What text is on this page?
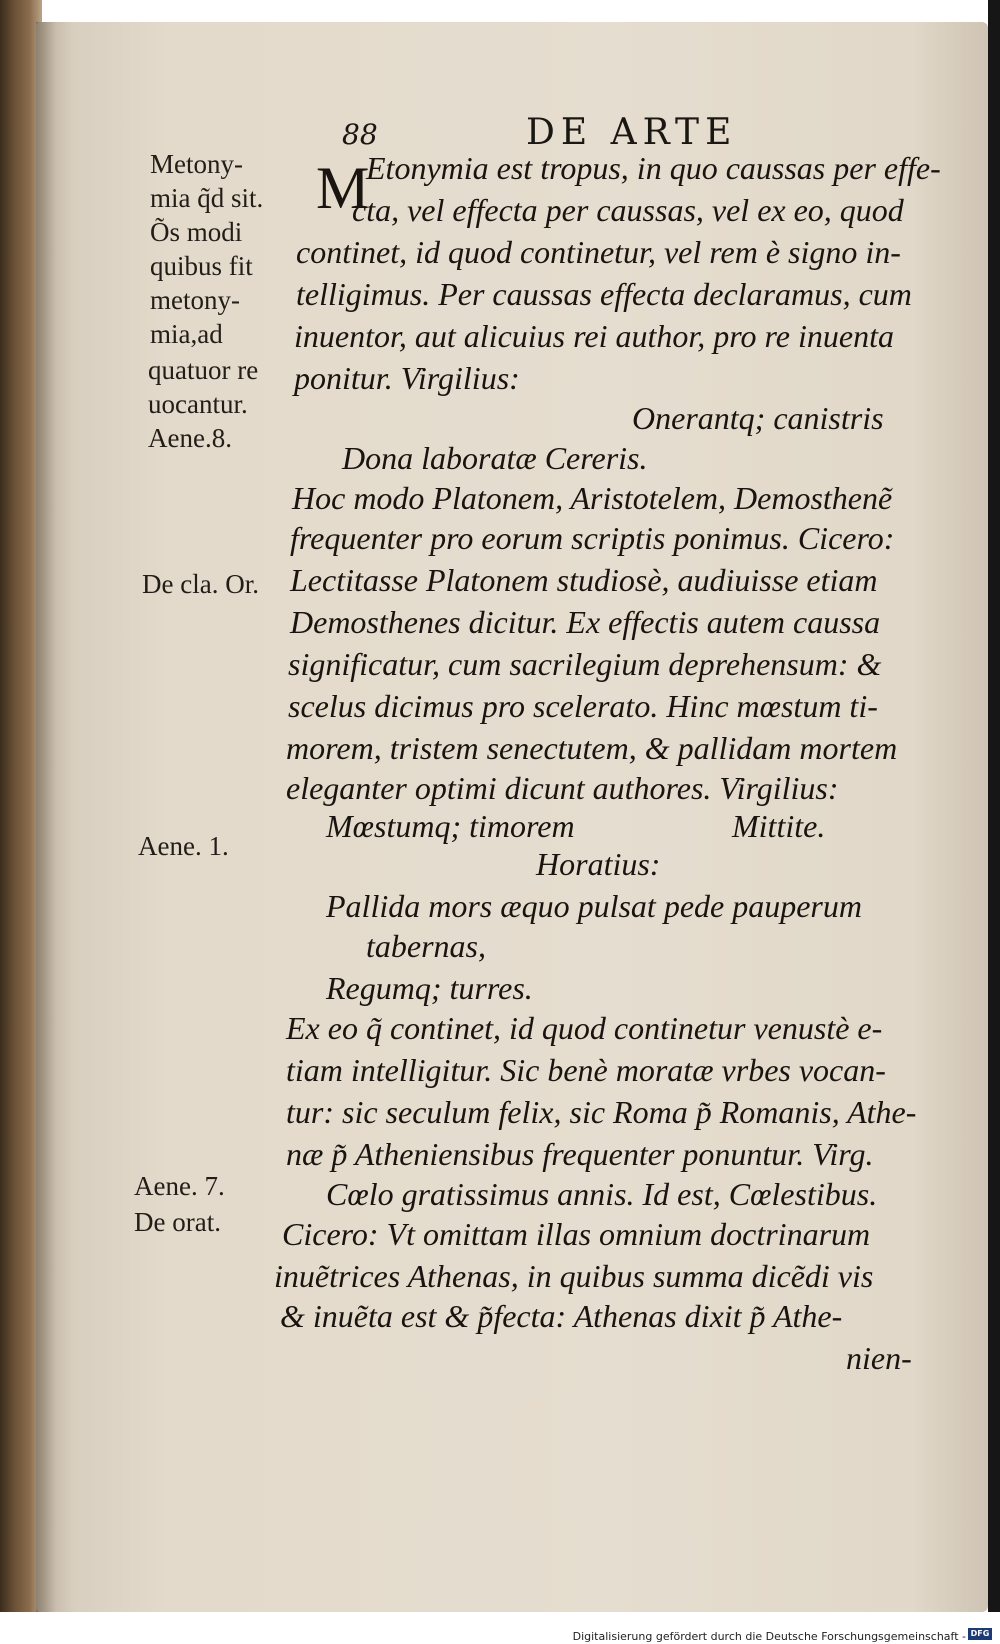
88	DE ARTE
Metony-
mia q̃d sit.
Õs modi
quibus fit
metony-
mia,ad
quatuor re
uocantur.
Aene.8.
De cla. Or.
Aene. 1.
Aene. 7.
De orat.
M
Etonymia est tropus, in quo caussas per effe-
cta, vel effecta per caussas, vel ex eo, quod
continet, id quod continetur, vel rem è signo in-
telligimus. Per caussas effecta declaramus, cum
inuentor, aut alicuius rei author, pro re inuenta
ponitur. Virgilius:
Onerantq; canistris
Dona laboratæ Cereris.
Hoc modo Platonem, Aristotelem, Demosthenẽ
frequenter pro eorum scriptis ponimus. Cicero:
Lectitasse Platonem studiosè, audiuisse etiam
Demosthenes dicitur. Ex effectis autem caussa
significatur, cum sacrilegium deprehensum: &
scelus dicimus pro scelerato. Hinc mœstum ti-
morem, tristem senectutem, & pallidam mortem
eleganter optimi dicunt authores. Virgilius:
Mœstumq; timorem	Mittite.
Horatius:
Pallida mors æquo pulsat pede pauperum
tabernas,
Regumq; turres.
Ex eo q̃ continet, id quod continetur venustè e-
tiam intelligitur. Sic benè moratæ vrbes vocan-
tur: sic seculum felix, sic Roma p̃ Romanis, Athe-
næ p̃ Atheniensibus frequenter ponuntur. Virg.
Cœlo gratissimus annis. Id est, Cœlestibus.
Cicero: Vt omittam illas omnium doctrinarum
inuẽtrices Athenas, in quibus summa dicẽdi vis
& inuẽta est & p̃fecta: Athenas dixit p̃ Athe-
nien-
Digitalisierung gefördert durch die Deutsche Forschungsgemeinschaft - DFG
